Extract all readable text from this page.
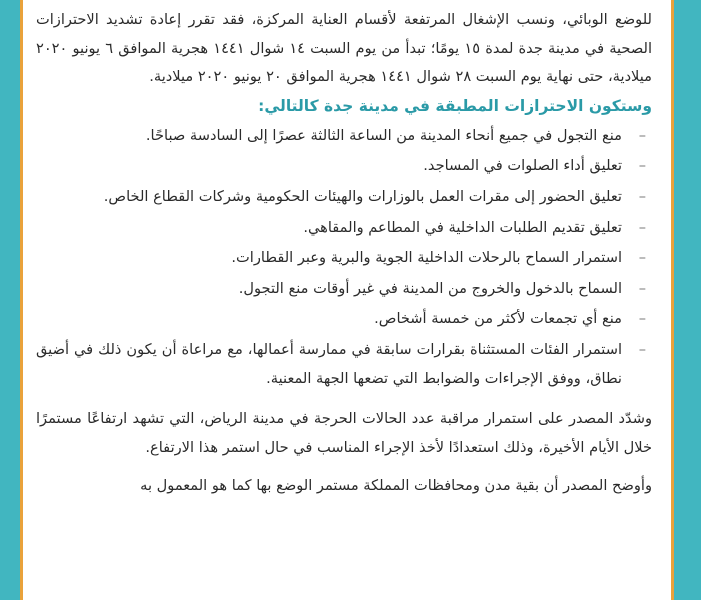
للوضع الوبائي، ونسب الإشغال المرتفعة لأقسام العناية المركزة، فقد تقرر إعادة تشديد الاحترازات الصحية في مدينة جدة لمدة ١٥ يومًا؛ تبدأ من يوم السبت ١٤ شوال ١٤٤١ هجرية الموافق ٦ يونيو ٢٠٢٠ ميلادية، حتى نهاية يوم السبت ٢٨ شوال ١٤٤١ هجرية الموافق ٢٠ يونيو ٢٠٢٠ ميلادية.

وستكون الاحترازات المطبقة في مدينة جدة كالتالي:

–
منع التجول في جميع أنحاء المدينة من الساعة الثالثة عصرًا إلى السادسة صباحًا.
–
تعليق أداء الصلوات في المساجد.
–
تعليق الحضور إلى مقرات العمل بالوزارات والهيئات الحكومية وشركات القطاع الخاص.
–
تعليق تقديم الطلبات الداخلية في المطاعم والمقاهي.
–
استمرار السماح بالرحلات الداخلية الجوية والبرية وعبر القطارات.
–
السماح بالدخول والخروج من المدينة في غير أوقات منع التجول.
–
منع أي تجمعات لأكثر من خمسة أشخاص.
–
استمرار الفئات المستثناة بقرارات سابقة في ممارسة أعمالها، مع مراعاة أن يكون ذلك في أضيق نطاق، ووفق الإجراءات والضوابط التي تضعها الجهة المعنية.

وشدّد المصدر على استمرار مراقبة عدد الحالات الحرجة في مدينة الرياض، التي تشهد ارتفاعًا مستمرًا خلال الأيام الأخيرة، وذلك استعدادًا لأخذ الإجراء المناسب في حال استمر هذا الارتفاع.

وأوضح المصدر أن بقية مدن ومحافظات المملكة مستمر الوضع بها كما هو المعمول به
